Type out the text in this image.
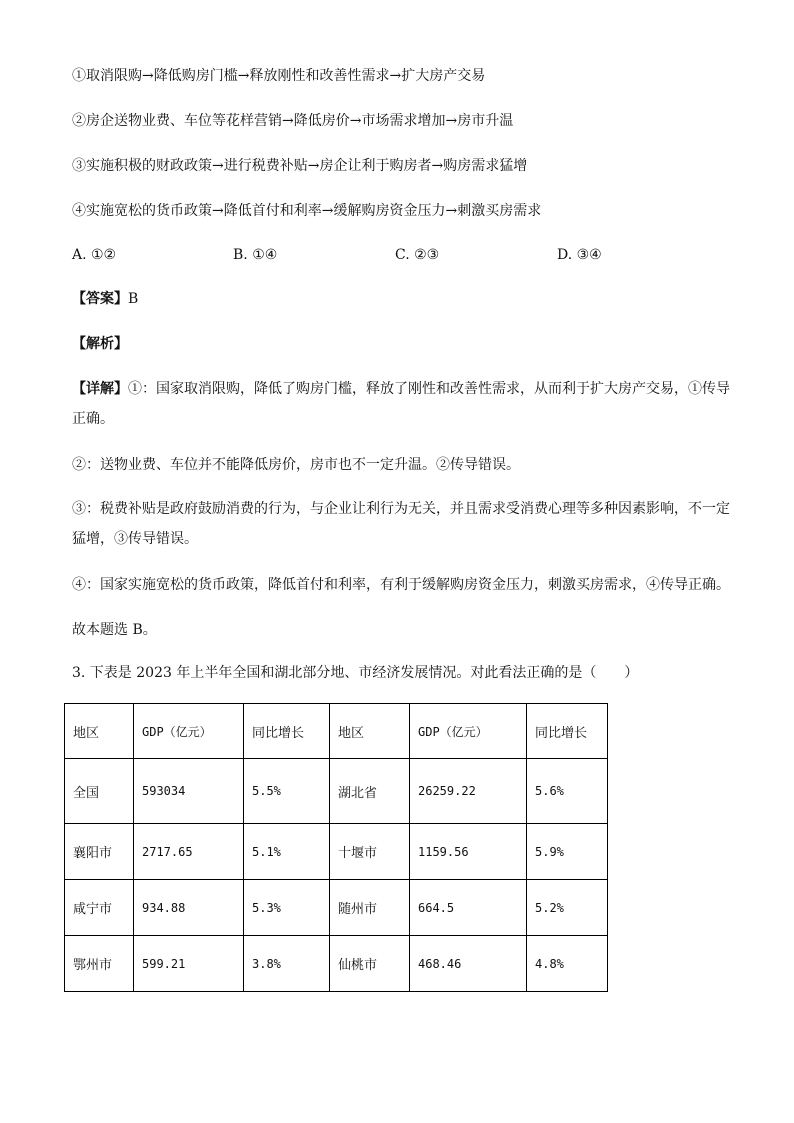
①取消限购→降低购房门槛→释放刚性和改善性需求→扩大房产交易
②房企送物业费、车位等花样营销→降低房价→市场需求增加→房市升温
③实施积极的财政政策→进行税费补贴→房企让利于购房者→购房需求猛增
④实施宽松的货币政策→降低首付和利率→缓解购房资金压力→刺激买房需求
A. ①②	B. ①④	C. ②③	D. ③④
【答案】B
【解析】
【详解】①：国家取消限购，降低了购房门槛，释放了刚性和改善性需求，从而利于扩大房产交易，①传导正确。
②：送物业费、车位并不能降低房价，房市也不一定升温。②传导错误。
③：税费补贴是政府鼓励消费的行为，与企业让利行为无关，并且需求受消费心理等多种因素影响，不一定猛增，③传导错误。
④：国家实施宽松的货币政策，降低首付和利率，有利于缓解购房资金压力，刺激买房需求，④传导正确。
故本题选 B。
3. 下表是 2023 年上半年全国和湖北部分地、市经济发展情况。对此看法正确的是（　　）
地区	GDP（亿元）	同比增长	地区	GDP（亿元）	同比增长
全国	593034	5.5%	湖北省	26259.22	5.6%
襄阳市	2717.65	5.1%	十堰市	1159.56	5.9%
咸宁市	934.88	5.3%	随州市	664.5	5.2%
鄂州市	599.21	3.8%	仙桃市	468.46	4.8%
